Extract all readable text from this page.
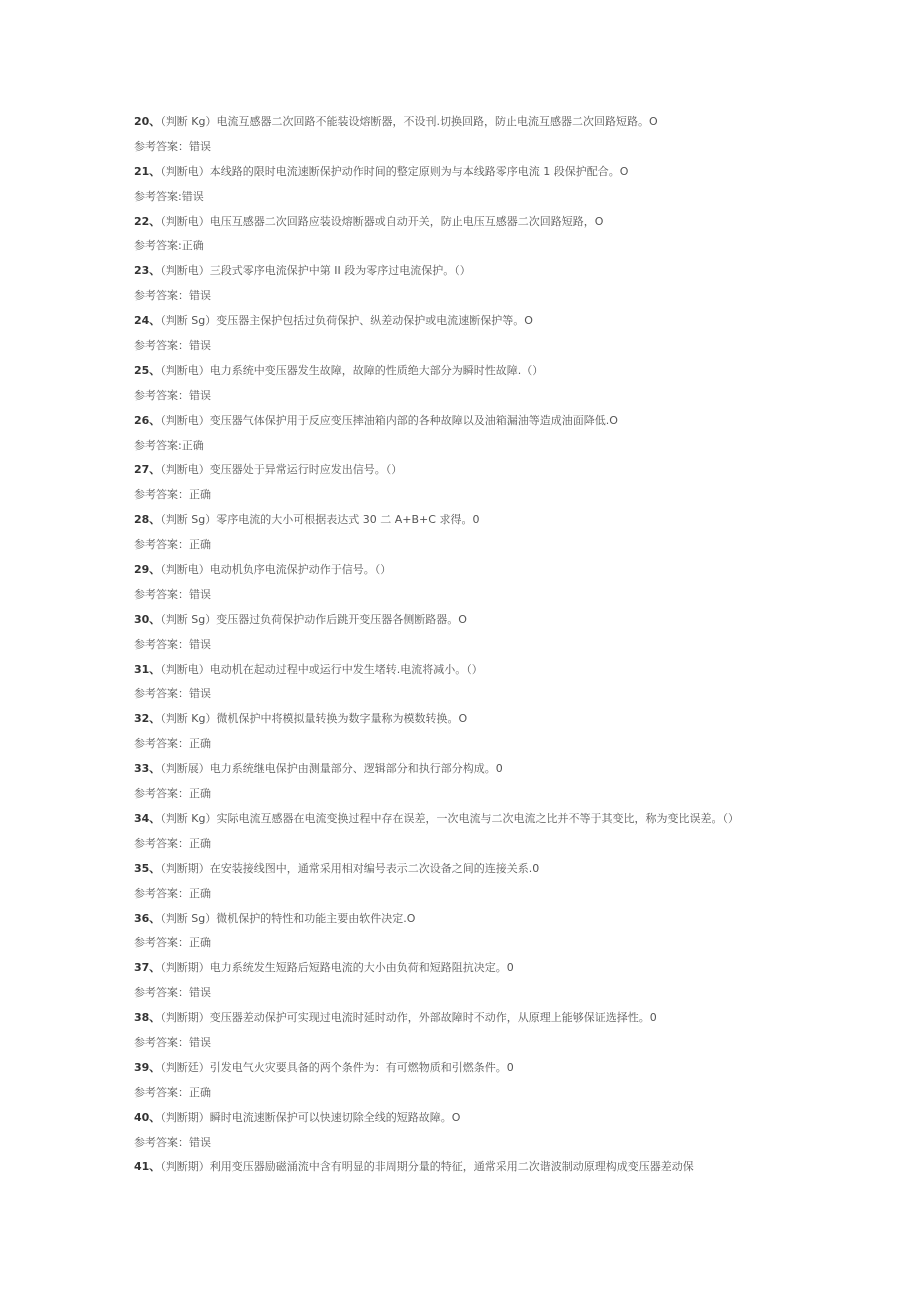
20、（判断 Kg）电流互感器二次回路不能装设熔断器，不设刊.切换回路，防止电流互感器二次回路短路。O
参考答案：错误
21、（判断电）本线路的限时电流速断保护动作时间的整定原则为与本线路零序电流 1 段保护配合。O
参考答案:错误
22、（判断电）电压互感器二次回路应装设熔断器或自动开关，防止电压互感器二次回路短路，O
参考答案:正确
23、（判断电）三段式零序电流保护中第 II 段为零序过电流保护。（）
参考答案：错误
24、（判断 Sg）变压器主保护包括过负荷保护、纵差动保护或电流速断保护等。O
参考答案：错误
25、（判断电）电力系统中变压器发生故障，故障的性质绝大部分为瞬时性故障.（）
参考答案：错误
26、（判断电）变压器气体保护用于反应变压摔油箱内部的各种故障以及油箱漏油等造成油面降低.O
参考答案:正确
27、（判断电）变压器处于异常运行时应发出信号。（）
参考答案：正确
28、（判断 Sg）零序电流的大小可根据表达式 30 二 A+B+C 求得。0
参考答案：正确
29、（判断电）电动机负序电流保护动作于信号。（）
参考答案：错误
30、（判断 Sg）变压器过负荷保护动作后跳开变压器各侧断路器。O
参考答案：错误
31、（判断电）电动机在起动过程中或运行中发生堵转.电流将减小。（）
参考答案：错误
32、（判断 Kg）微机保护中将模拟量转换为数字量称为模数转换。O
参考答案：正确
33、（判断展）电力系统继电保护由测量部分、逻辑部分和执行部分构成。0
参考答案：正确
34、（判断 Kg）实际电流互感器在电流变换过程中存在误差，一次电流与二次电流之比并不等于其变比，称为变比误差。（）
参考答案：正确
35、（判断期）在安装接线图中，通常采用相对编号表示二次设备之间的连接关系.0
参考答案：正确
36、（判断 Sg）微机保护的特性和功能主要由软件决定.O
参考答案：正确
37、（判断期）电力系统发生短路后短路电流的大小由负荷和短路阻抗决定。0
参考答案：错误
38、（判断期）变压器差动保护可实现过电流时延时动作，外部故障时不动作，从原理上能够保证选择性。0
参考答案：错误
39、（判断廷）引发电气火灾要具备的两个条件为：有可燃物质和引燃条件。0
参考答案：正确
40、（判断期）瞬时电流速断保护可以快速切除全线的短路故障。O
参考答案：错误
41、（判断期）利用变压器励磁涌流中含有明显的非周期分量的特征，通常采用二次谐波制动原理构成变压器差动保
